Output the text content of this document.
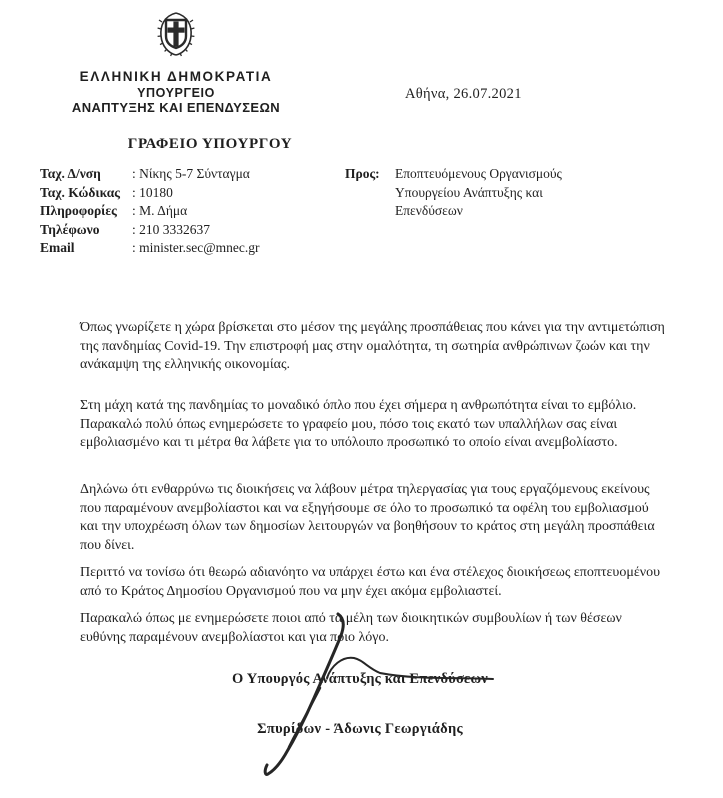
ΕΛΛΗΝΙΚΗ ΔΗΜΟΚΡΑΤΙΑ
ΥΠΟΥΡΓΕΙΟ
ΑΝΑΠΤΥΞΗΣ ΚΑΙ ΕΠΕΝΔΥΣΕΩΝ
Αθήνα, 26.07.2021
ΓΡΑΦΕΙΟ ΥΠΟΥΡΓΟΥ
Ταχ. Δ/νση	: Νίκης 5-7 Σύνταγμα
Ταχ. Κώδικας : 10180
Πληροφορίες	: Μ. Δήμα
Τηλέφωνο	: 210 3332637
Email	: minister.sec@mnec.gr
Προς:	Εποπτευόμενους Οργανισμούς
Υπουργείου Ανάπτυξης και
Επενδύσεων
Όπως γνωρίζετε η χώρα βρίσκεται στο μέσον της μεγάλης προσπάθειας που κάνει για την αντιμετώπιση της πανδημίας Covid-19. Την επιστροφή μας στην ομαλότητα, τη σωτηρία ανθρώπινων ζωών και την ανάκαμψη της ελληνικής οικονομίας.
Στη μάχη κατά της πανδημίας το μοναδικό όπλο που έχει σήμερα η ανθρωπότητα είναι το εμβόλιο. Παρακαλώ πολύ όπως ενημερώσετε το γραφείο μου, πόσο τοις εκατό των υπαλλήλων σας είναι εμβολιασμένο και τι μέτρα θα λάβετε για το υπόλοιπο προσωπικό το οποίο είναι ανεμβολίαστο.
Δηλώνω ότι ενθαρρύνω τις διοικήσεις να λάβουν μέτρα τηλεργασίας για τους εργαζόμενους εκείνους που παραμένουν ανεμβολίαστοι και να εξηγήσουμε σε όλο το προσωπικό τα οφέλη του εμβολιασμού και την υποχρέωση όλων των δημοσίων λειτουργών να βοηθήσουν το κράτος στη μεγάλη προσπάθεια που δίνει.
Περιττό να τονίσω ότι θεωρώ αδιανόητο να υπάρχει έστω και ένα στέλεχος διοικήσεως εποπτευομένου από το Κράτος Δημοσίου Οργανισμού που να μην έχει ακόμα εμβολιαστεί.
Παρακαλώ όπως με ενημερώσετε ποιοι από τα μέλη των διοικητικών συμβουλίων ή των θέσεων ευθύνης παραμένουν ανεμβολίαστοι και για ποιο λόγο.
Ο Υπουργός Ανάπτυξης και Επενδύσεων
Σπυρίδων - Άδωνις Γεωργιάδης
